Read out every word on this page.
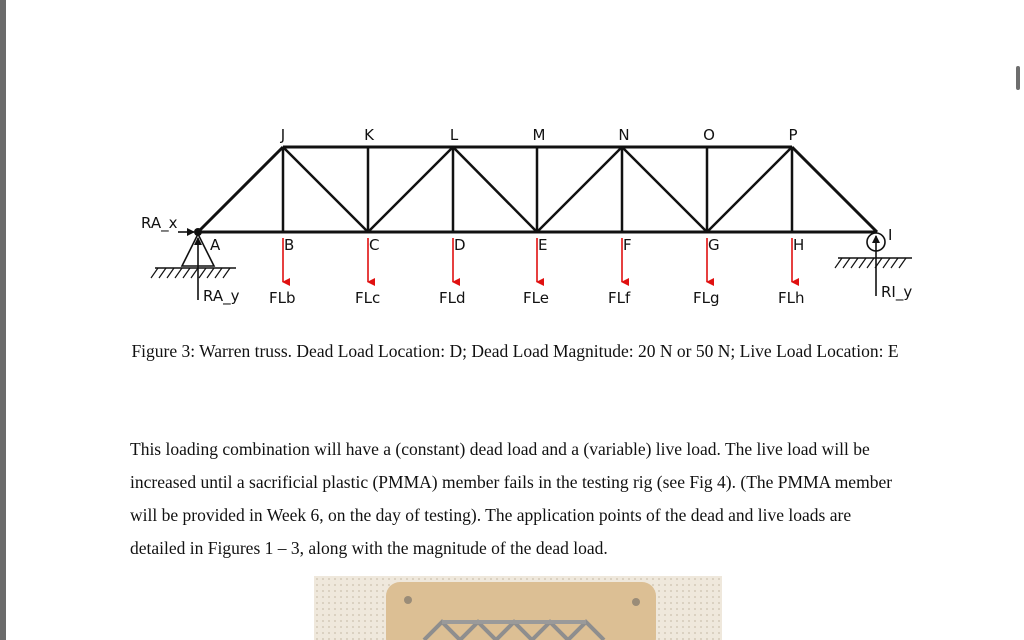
J	K	L	M	N	O	P
A	B	C	D	E	F	G	H
I
RA_x
RA_y	RI_y
FLb	FLc	FLd	FLe	FLf	FLg	FLh
Figure 3: Warren truss. Dead Load Location: D; Dead Load Magnitude: 20 N or 50 N; Live Load Location: E
This loading combination will have a (constant) dead load and a (variable) live load. The live load will be increased until a sacrificial plastic (PMMA) member fails in the testing rig (see Fig 4). (The PMMA member will be provided in Week 6, on the day of testing). The application points of the dead and live loads are detailed in Figures 1 – 3, along with the magnitude of the dead load.
